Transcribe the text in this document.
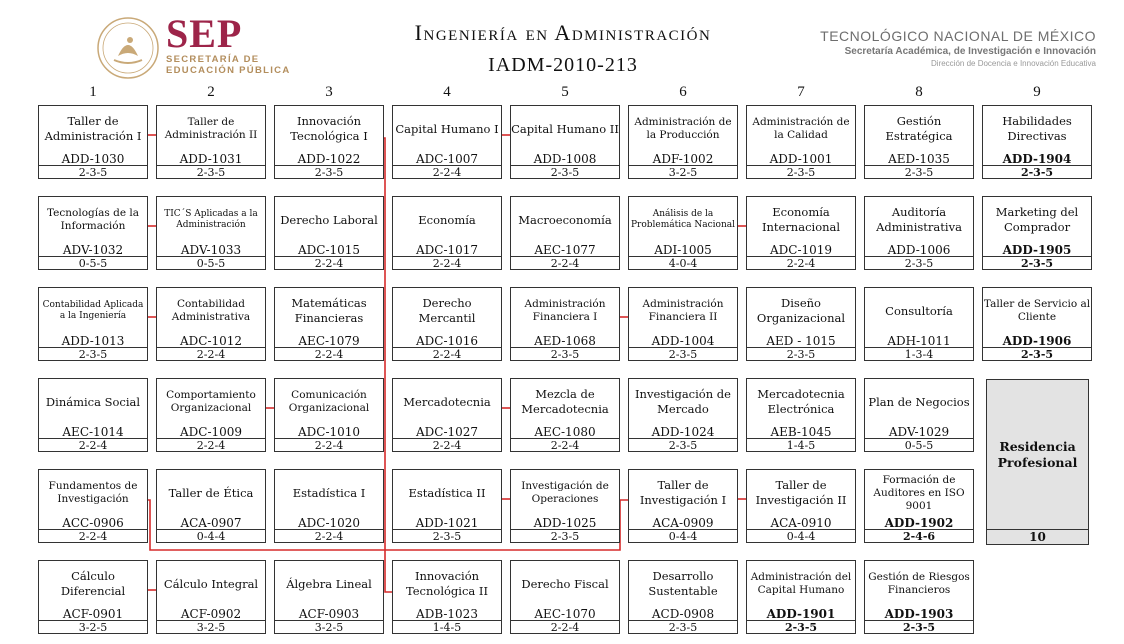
SEP
SECRETARÍA DE
EDUCACIÓN PÚBLICA
Ingeniería en Administración
IADM-2010-213
TECNOLÓGICO NACIONAL DE MÉXICO
Secretaría Académica, de Investigación e Innovación
Dirección de Docencia e Innovación Educativa
1	2	3	4	5	6	7	8	9
Taller de Administración I
ADD-1030
2-3-5
Tecnologías de la Información
ADV-1032
0-5-5
Contabilidad Aplicada a la Ingeniería
ADD-1013
2-3-5
Dinámica Social
AEC-1014
2-2-4
Fundamentos de Investigación
ACC-0906
2-2-4
Cálculo Diferencial
ACF-0901
3-2-5
Taller de Administración II
ADD-1031
2-3-5
TIC´S Aplicadas a la Administración
ADV-1033
0-5-5
Contabilidad Administrativa
ADC-1012
2-2-4
Comportamiento Organizacional
ADC-1009
2-2-4
Taller de Ética
ACA-0907
0-4-4
Cálculo Integral
ACF-0902
3-2-5
Innovación Tecnológica I
ADD-1022
2-3-5
Derecho Laboral
ADC-1015
2-2-4
Matemáticas Financieras
AEC-1079
2-2-4
Comunicación Organizacional
ADC-1010
2-2-4
Estadística I
ADC-1020
2-2-4
Álgebra Lineal
ACF-0903
3-2-5
Capital Humano I
ADC-1007
2-2-4
Economía
ADC-1017
2-2-4
Derecho Mercantil
ADC-1016
2-2-4
Mercadotecnia
ADC-1027
2-2-4
Estadística II
ADD-1021
2-3-5
Innovación Tecnológica II
ADB-1023
1-4-5
Capital Humano II
ADD-1008
2-3-5
Macroeconomía
AEC-1077
2-2-4
Administración Financiera I
AED-1068
2-3-5
Mezcla de Mercadotecnia
AEC-1080
2-2-4
Investigación de Operaciones
ADD-1025
2-3-5
Derecho Fiscal
AEC-1070
2-2-4
Administración de la Producción
ADF-1002
3-2-5
Análisis de la Problemática Nacional
ADI-1005
4-0-4
Administración Financiera II
ADD-1004
2-3-5
Investigación de Mercado
ADD-1024
2-3-5
Taller de Investigación I
ACA-0909
0-4-4
Desarrollo Sustentable
ACD-0908
2-3-5
Administración de la Calidad
ADD-1001
2-3-5
Economía Internacional
ADC-1019
2-2-4
Diseño Organizacional
AED - 1015
2-3-5
Mercadotecnia Electrónica
AEB-1045
1-4-5
Taller de Investigación II
ACA-0910
0-4-4
Administración del Capital Humano
ADD-1901
2-3-5
Gestión Estratégica
AED-1035
2-3-5
Auditoría Administrativa
ADD-1006
2-3-5
Consultoría
ADH-1011
1-3-4
Plan de Negocios
ADV-1029
0-5-5
Formación de Auditores en ISO 9001
ADD-1902
2-4-6
Gestión de Riesgos Financieros
ADD-1903
2-3-5
Habilidades Directivas
ADD-1904
2-3-5
Marketing del Comprador
ADD-1905
2-3-5
Taller de Servicio al Cliente
ADD-1906
2-3-5
Residencia Profesional
10
